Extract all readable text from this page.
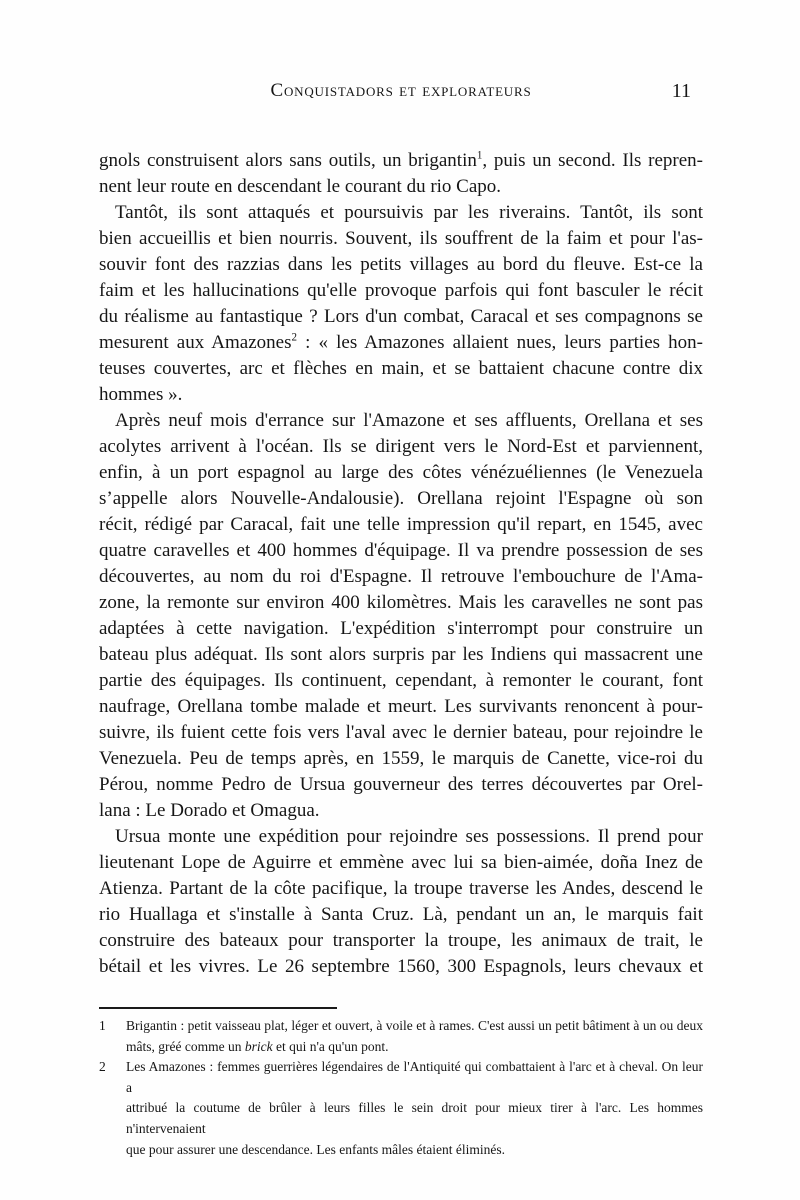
Conquistadors et explorateurs	11
gnols construisent alors sans outils, un brigantin$^1$, puis un second. Ils repren-
nent leur route en descendant le courant du rio Capo.
Tantôt, ils sont attaqués et poursuivis par les riverains. Tantôt, ils sont
bien accueillis et bien nourris. Souvent, ils souffrent de la faim et pour l'as-
souvir font des razzias dans les petits villages au bord du fleuve. Est-ce la
faim et les hallucinations qu'elle provoque parfois qui font basculer le récit
du réalisme au fantastique ? Lors d'un combat, Caracal et ses compagnons se
mesurent aux Amazones$^2$ : « les Amazones allaient nues, leurs parties hon-
teuses couvertes, arc et flèches en main, et se battaient chacune contre dix
hommes ».
Après neuf mois d'errance sur l'Amazone et ses affluents, Orellana et ses
acolytes arrivent à l'océan. Ils se dirigent vers le Nord-Est et parviennent,
enfin, à un port espagnol au large des côtes vénézuéliennes (le Venezuela
s’appelle alors Nouvelle-Andalousie). Orellana rejoint l'Espagne où son
récit, rédigé par Caracal, fait une telle impression qu'il repart, en 1545, avec
quatre caravelles et 400 hommes d'équipage. Il va prendre possession de ses
découvertes, au nom du roi d'Espagne. Il retrouve l'embouchure de l'Ama-
zone, la remonte sur environ 400 kilomètres. Mais les caravelles ne sont pas
adaptées à cette navigation. L'expédition s'interrompt pour construire un
bateau plus adéquat. Ils sont alors surpris par les Indiens qui massacrent une
partie des équipages. Ils continuent, cependant, à remonter le courant, font
naufrage, Orellana tombe malade et meurt. Les survivants renoncent à pour-
suivre, ils fuient cette fois vers l'aval avec le dernier bateau, pour rejoindre le
Venezuela. Peu de temps après, en 1559, le marquis de Canette, vice-roi du
Pérou, nomme Pedro de Ursua gouverneur des terres découvertes par Orel-
lana : Le Dorado et Omagua.
Ursua monte une expédition pour rejoindre ses possessions. Il prend pour
lieutenant Lope de Aguirre et emmène avec lui sa bien-aimée, doña Inez de
Atienza. Partant de la côte pacifique, la troupe traverse les Andes, descend le
rio Huallaga et s'installe à Santa Cruz. Là, pendant un an, le marquis fait
construire des bateaux pour transporter la troupe, les animaux de trait, le
bétail et les vivres. Le 26 septembre 1560, 300 Espagnols, leurs chevaux et
1 Brigantin : petit vaisseau plat, léger et ouvert, à voile et à rames. C'est aussi un petit bâtiment à un ou deux
mâts, gréé comme un brick et qui n'a qu'un pont.
2 Les Amazones : femmes guerrières légendaires de l'Antiquité qui combattaient à l'arc et à cheval. On leur a
attribué la coutume de brûler à leurs filles le sein droit pour mieux tirer à l'arc. Les hommes n'intervenaient
que pour assurer une descendance. Les enfants mâles étaient éliminés.
